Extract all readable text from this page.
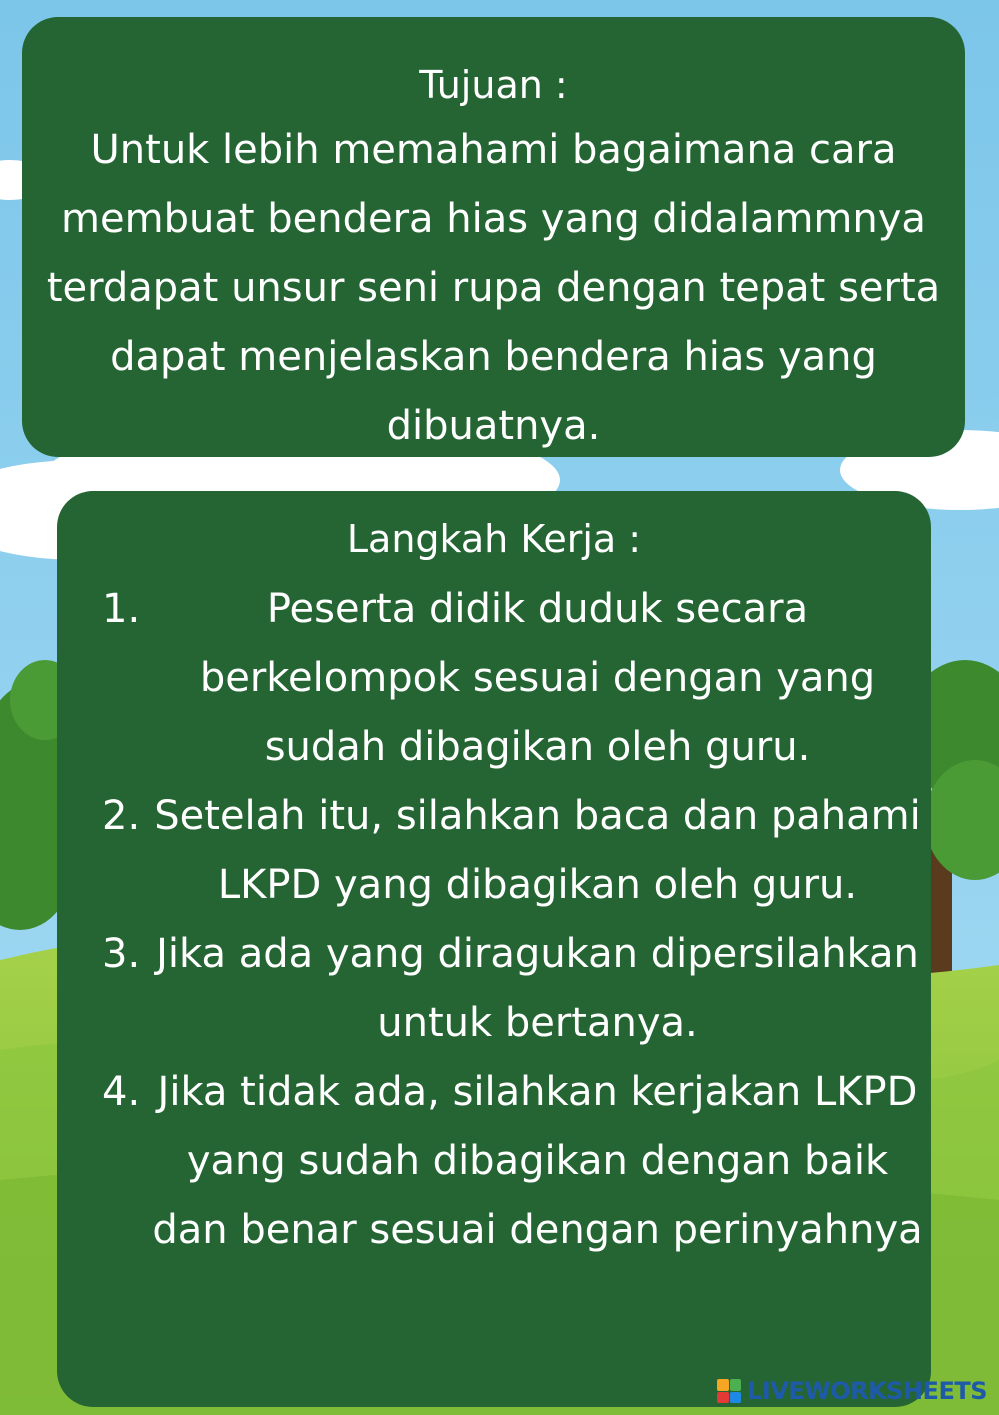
Tujuan :
Untuk lebih memahami bagaimana cara membuat bendera hias yang didalammnya terdapat unsur seni rupa dengan tepat serta dapat menjelaskan bendera hias yang dibuatnya.
Langkah Kerja :
1.	Peserta didik duduk secara berkelompok sesuai dengan yang sudah dibagikan oleh guru.
2. Setelah itu, silahkan baca dan pahami LKPD yang dibagikan oleh guru.
3. Jika ada yang diragukan dipersilahkan untuk bertanya.
4. Jika tidak ada, silahkan kerjakan LKPD yang sudah dibagikan dengan baik dan benar sesuai dengan perinyahnya
LIVEWORKSHEETS
